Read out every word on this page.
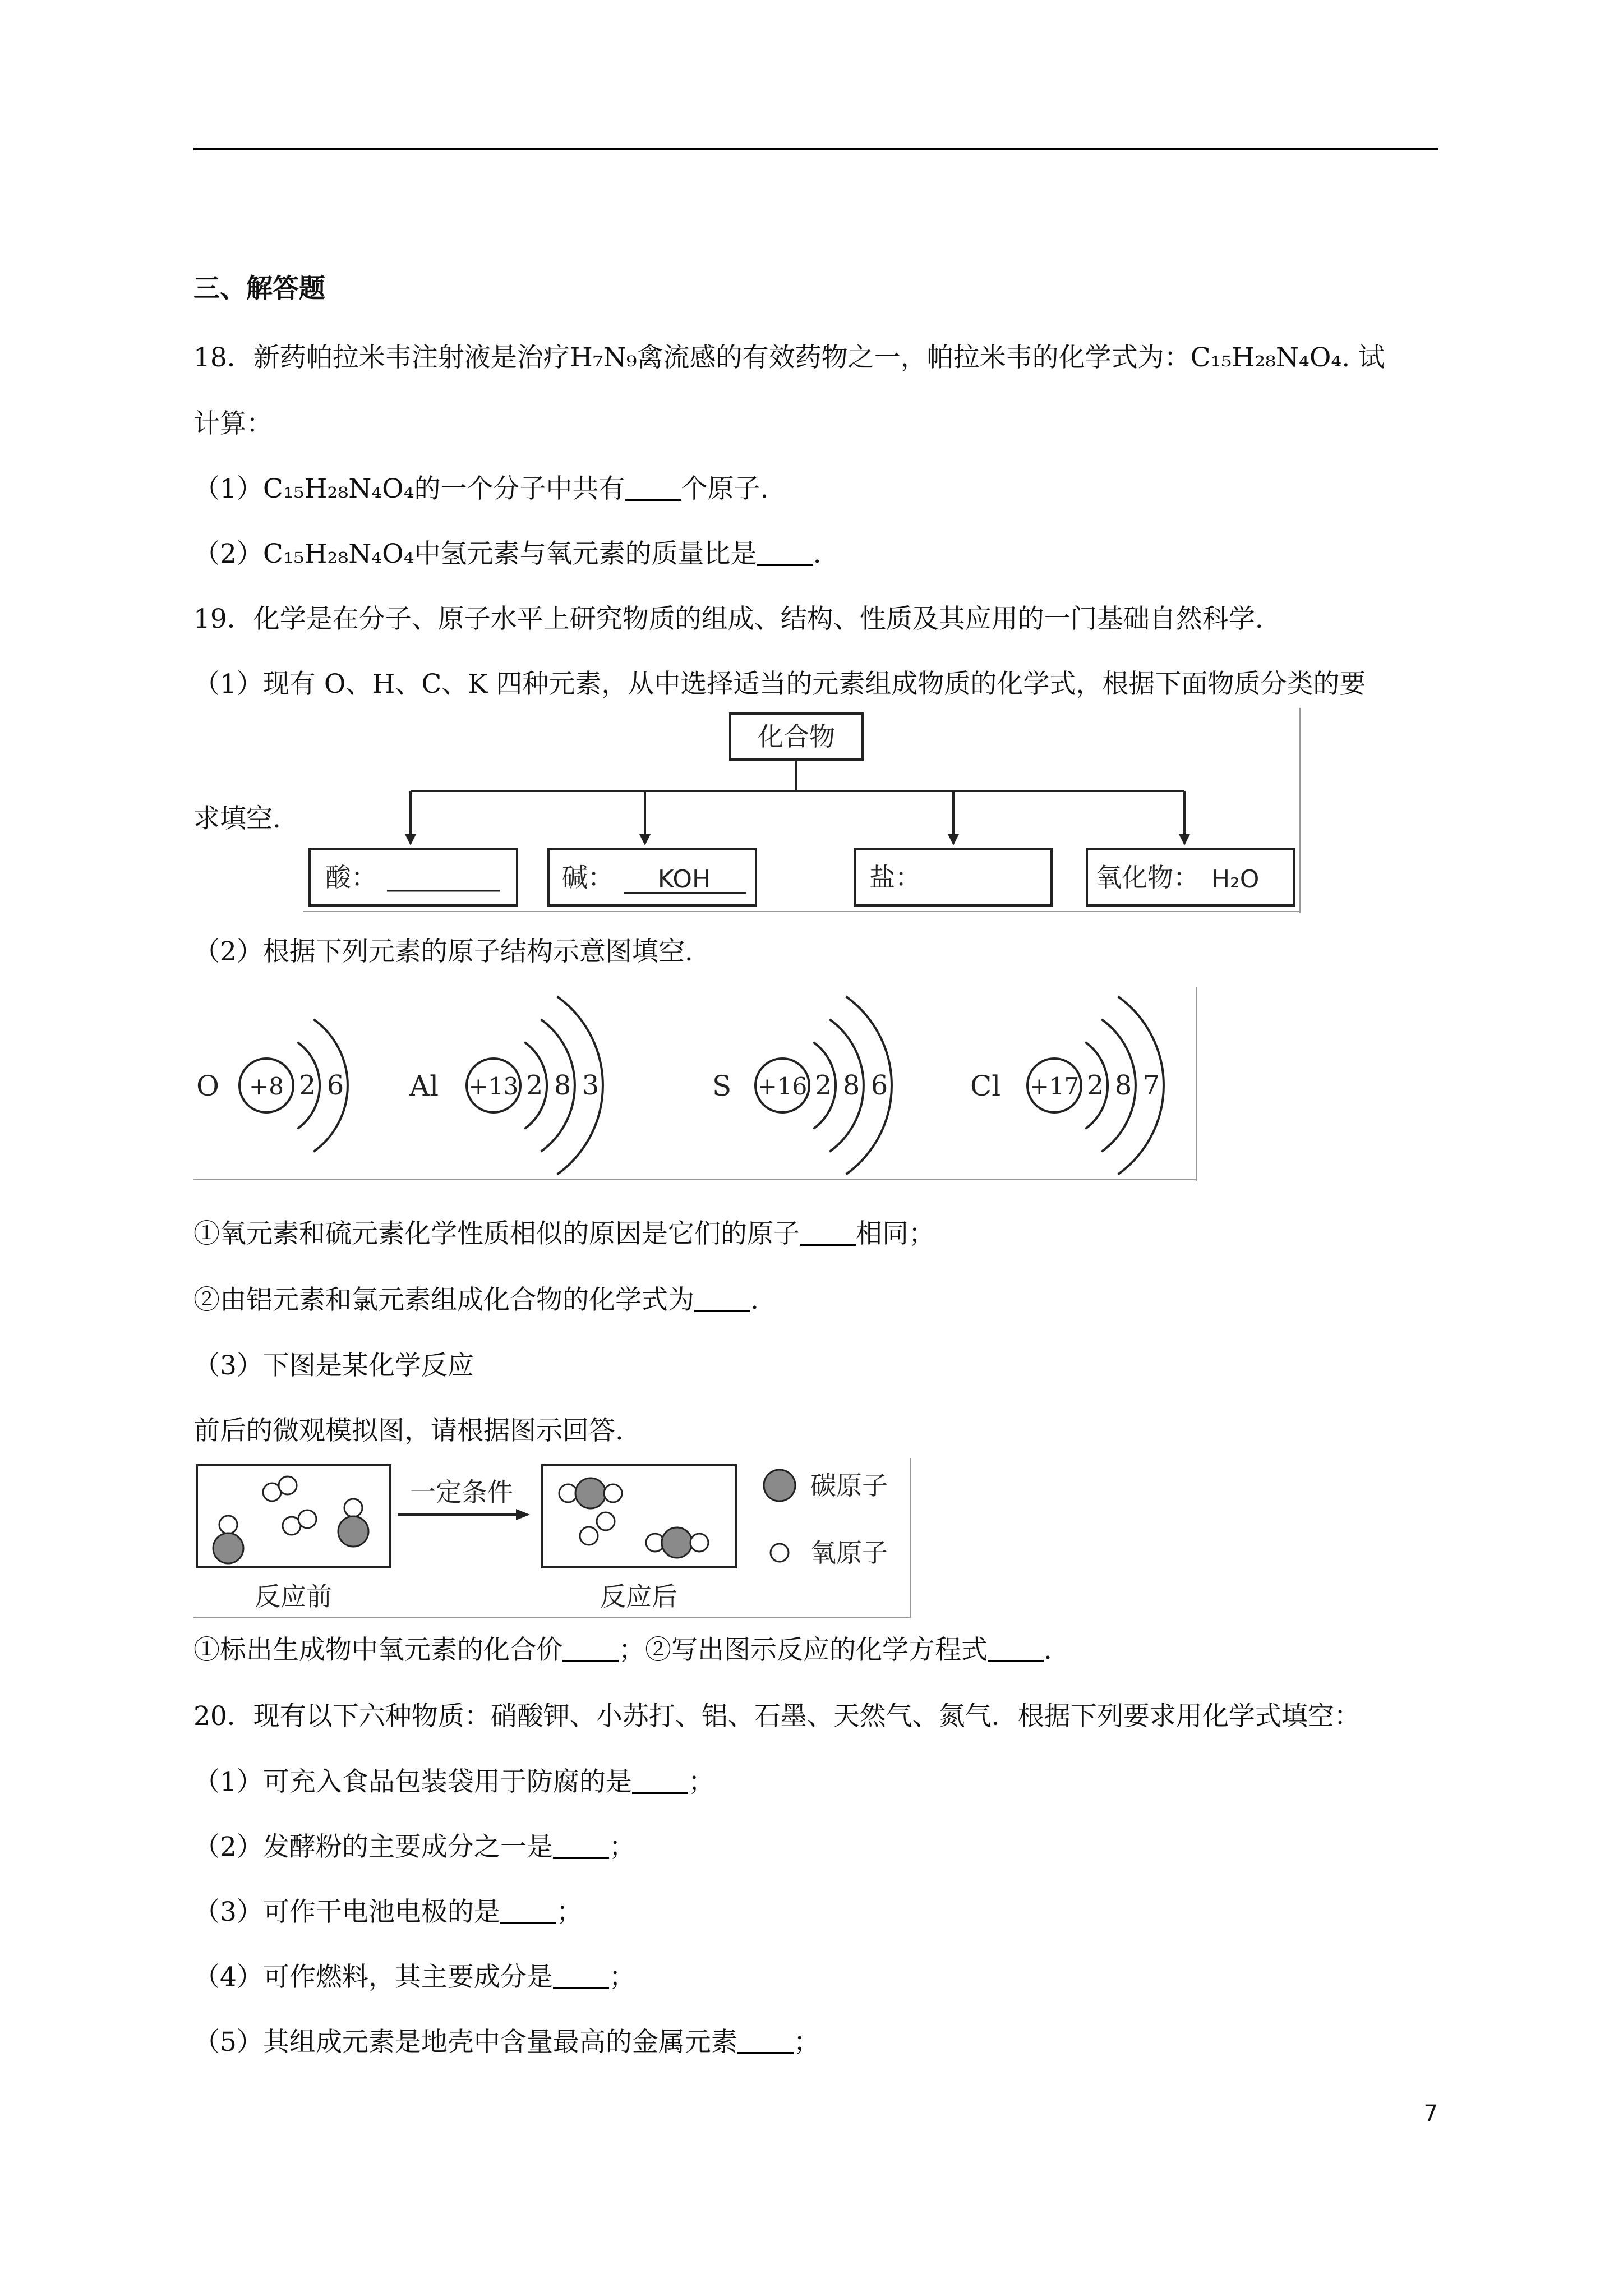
三、解答题
18．新药帕拉米韦注射液是治疗H₇N₉禽流感的有效药物之一，帕拉米韦的化学式为：C₁₅H₂₈N₄O₄. 试
计算：
（1）C₁₅H₂₈N₄O₄的一个分子中共有 个原子.
（2）C₁₅H₂₈N₄O₄中氢元素与氧元素的质量比是 .
19．化学是在分子、原子水平上研究物质的组成、结构、性质及其应用的一门基础自然科学.
（1）现有 O、H、C、K 四种元素，从中选择适当的元素组成物质的化学式，根据下面物质分类的要
求填空.
化合物
酸：	碱： KOH	盐：	氧化物： H₂O
（2）根据下列元素的原子结构示意图填空.
O +8 2 6 Al +13 2 8 3	S +16 2 8 6	Cl +17 2 8 7
①氧元素和硫元素化学性质相似的原因是它们的原子 相同；
②由铝元素和氯元素组成化合物的化学式为 .
（3）下图是某化学反应
前后的微观模拟图，请根据图示回答.
一定条件
反应前	反应后
碳原子
氧原子
①标出生成物中氧元素的化合价 ；②写出图示反应的化学方程式 .
20．现有以下六种物质：硝酸钾、小苏打、铝、石墨、天然气、氮气．根据下列要求用化学式填空：
（1）可充入食品包装袋用于防腐的是 ；
（2）发酵粉的主要成分之一是 ；
（3）可作干电池电极的是 ；
（4）可作燃料，其主要成分是 ；
（5）其组成元素是地壳中含量最高的金属元素 ；
7
